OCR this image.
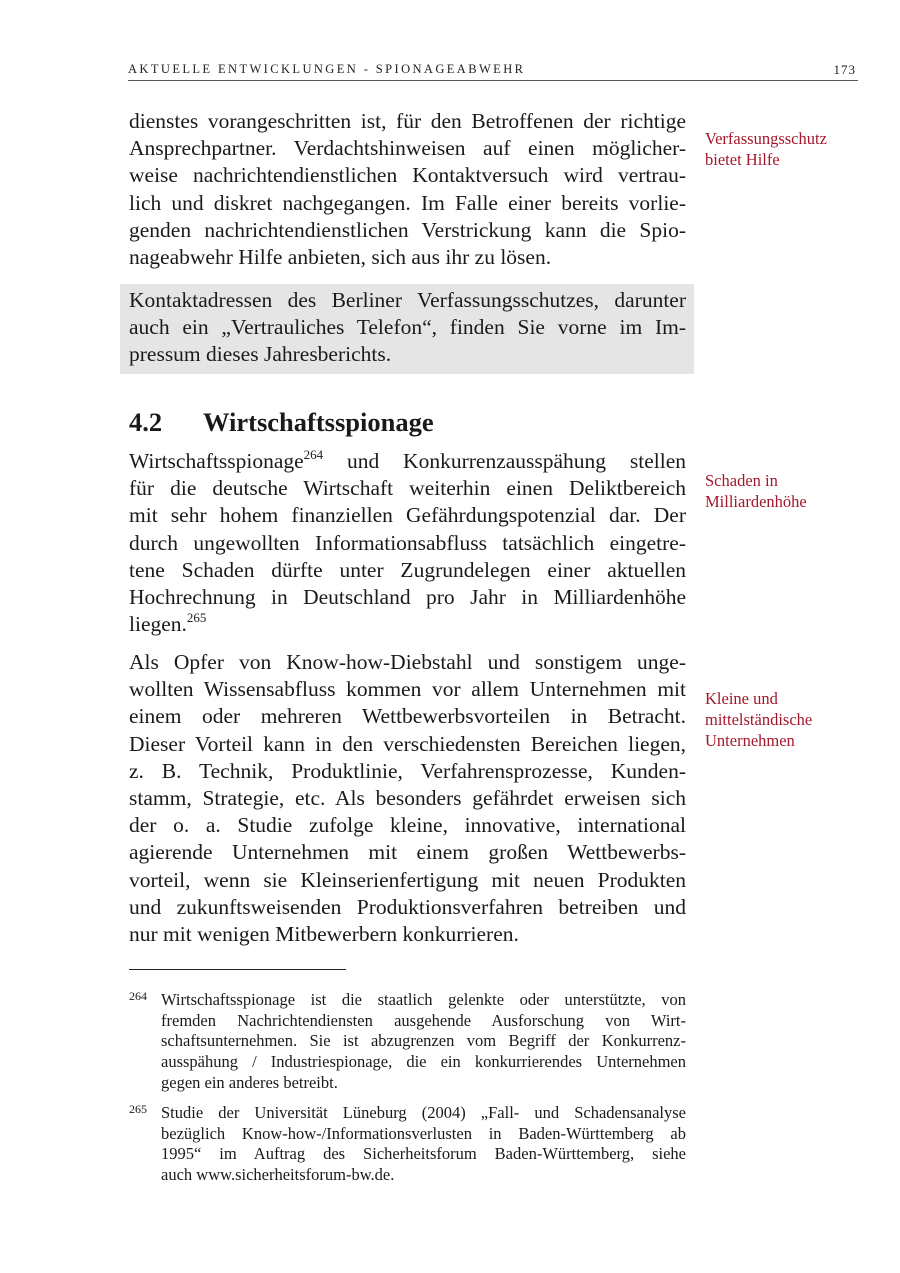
AKTUELLE ENTWICKLUNGEN - SPIONAGEABWEHR	173
dienstes vorangeschritten ist, für den Betroffenen der richtige
Ansprechpartner. Verdachtshinweisen auf einen möglicher-
weise nachrichtendienstlichen Kontaktversuch wird vertrau-
lich und diskret nachgegangen. Im Falle einer bereits vorlie-
genden nachrichtendienstlichen Verstrickung kann die Spio-
nageabwehr Hilfe anbieten, sich aus ihr zu lösen.
Kontaktadressen des Berliner Verfassungsschutzes, darunter
auch ein „Vertrauliches Telefon“, finden Sie vorne im Im-
pressum dieses Jahresberichts.
4.2 Wirtschaftsspionage
Wirtschaftsspionage$^{264}$ und Konkurrenzausspähung stellen
für die deutsche Wirtschaft weiterhin einen Deliktbereich
mit sehr hohem finanziellen Gefährdungspotenzial dar. Der
durch ungewollten Informationsabfluss tatsächlich eingetre-
tene Schaden dürfte unter Zugrundelegen einer aktuellen
Hochrechnung in Deutschland pro Jahr in Milliardenhöhe
liegen.$^{265}$
Als Opfer von Know-how-Diebstahl und sonstigem unge-
wollten Wissensabfluss kommen vor allem Unternehmen mit
einem oder mehreren Wettbewerbsvorteilen in Betracht.
Dieser Vorteil kann in den verschiedensten Bereichen liegen,
z. B. Technik, Produktlinie, Verfahrensprozesse, Kunden-
stamm, Strategie, etc. Als besonders gefährdet erweisen sich
der o. a. Studie zufolge kleine, innovative, international
agierende Unternehmen mit einem großen Wettbewerbs-
vorteil, wenn sie Kleinserienfertigung mit neuen Produkten
und zukunftsweisenden Produktionsverfahren betreiben und
nur mit wenigen Mitbewerbern konkurrieren.
Verfassungsschutz
bietet Hilfe
Schaden in
Milliardenhöhe
Kleine und
mittelständische
Unternehmen
264 Wirtschaftsspionage ist die staatlich gelenkte oder unterstützte, von
fremden Nachrichtendiensten ausgehende Ausforschung von Wirt-
schaftsunternehmen. Sie ist abzugrenzen vom Begriff der Konkurrenz-
ausspähung / Industriespionage, die ein konkurrierendes Unternehmen
gegen ein anderes betreibt.
265 Studie der Universität Lüneburg (2004) „Fall- und Schadensanalyse
bezüglich Know-how-/Informationsverlusten in Baden-Württemberg ab
1995“ im Auftrag des Sicherheitsforum Baden-Württemberg, siehe
auch www.sicherheitsforum-bw.de.
